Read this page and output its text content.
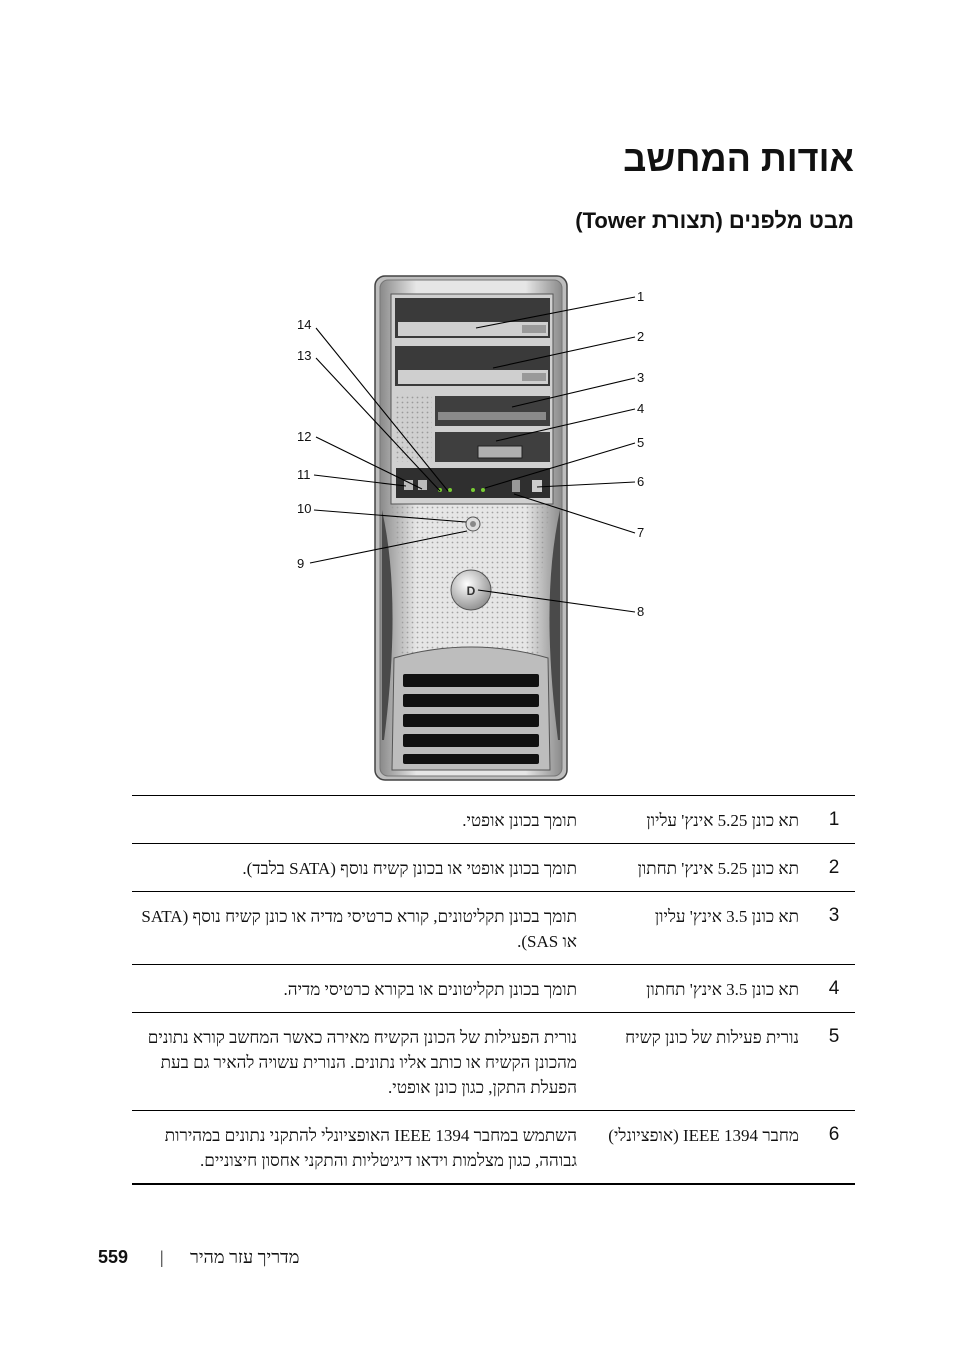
אודות המחשב
מבט מלפנים (תצורת Tower)
D
1
2
3
4
5
6
7
8
9
10
11
12
13
14
1	תא כונן 5.25 אינץ' עליון	תומך בכונן אופטי.
2	תא כונן 5.25 אינץ' תחתון	תומך בכונן אופטי או בכונן קשיח נוסף (SATA בלבד).
3	תא כונן 3.5 אינץ' עליון	תומך בכונן תקליטונים, קורא כרטיסי מדיה או כונן קשיח נוסף (SATA או SAS).
4	תא כונן 3.5 אינץ' תחתון	תומך בכונן תקליטונים או בקורא כרטיסי מדיה.
5	נורית פעילות של כונן קשיח	נורית הפעילות של הכונן הקשיח מאירה כאשר המחשב קורא נתונים מהכונן הקשיח או כותב אליו נתונים. הנורית עשויה להאיר גם בעת הפעלת התקן, כגון כונן אופטי.
6	מחבר IEEE 1394 (אופציונלי)	השתמש במחבר IEEE 1394 האופציונלי להתקני נתונים במהירות גבוהה, כגון מצלמות וידאו דיגיטליות והתקני אחסון חיצוניים.
559 | מדריך עזר מהיר
